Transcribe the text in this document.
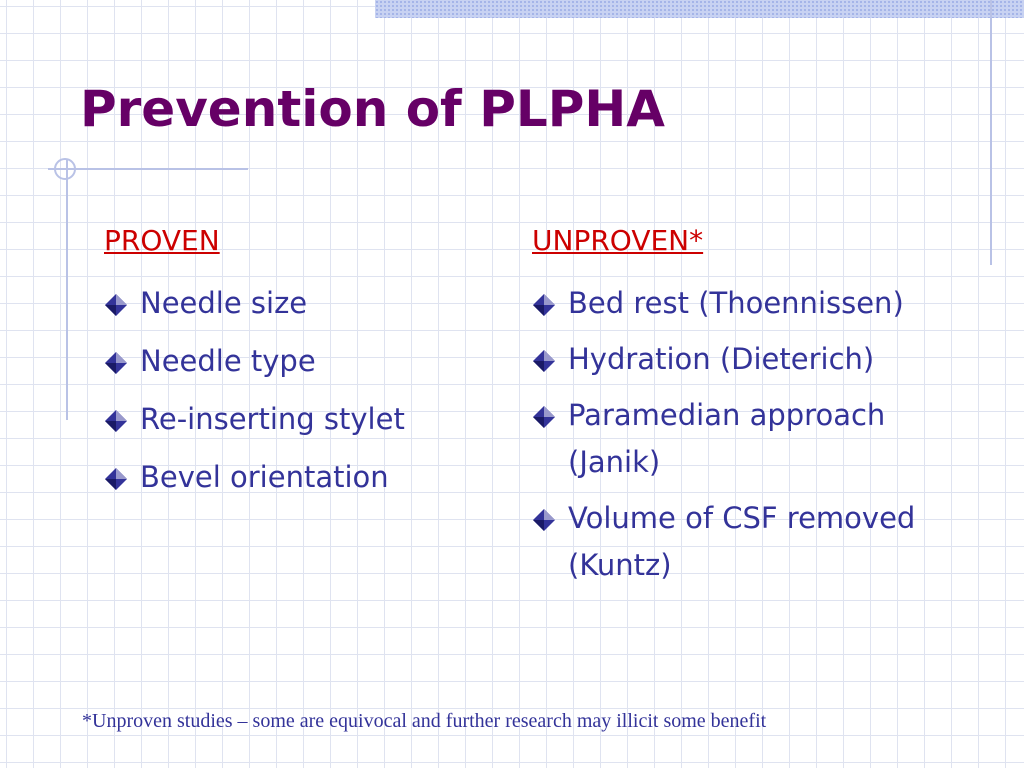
Prevention of PLPHA

PROVEN	UNPROVEN*

Needle size
Needle type
Re-inserting stylet
Bevel orientation
Bed rest (Thoennissen)
Hydration (Dieterich)
Paramedian approach (Janik)
Volume of CSF removed (Kuntz)

*Unproven studies – some are equivocal and further research may illicit some benefit
